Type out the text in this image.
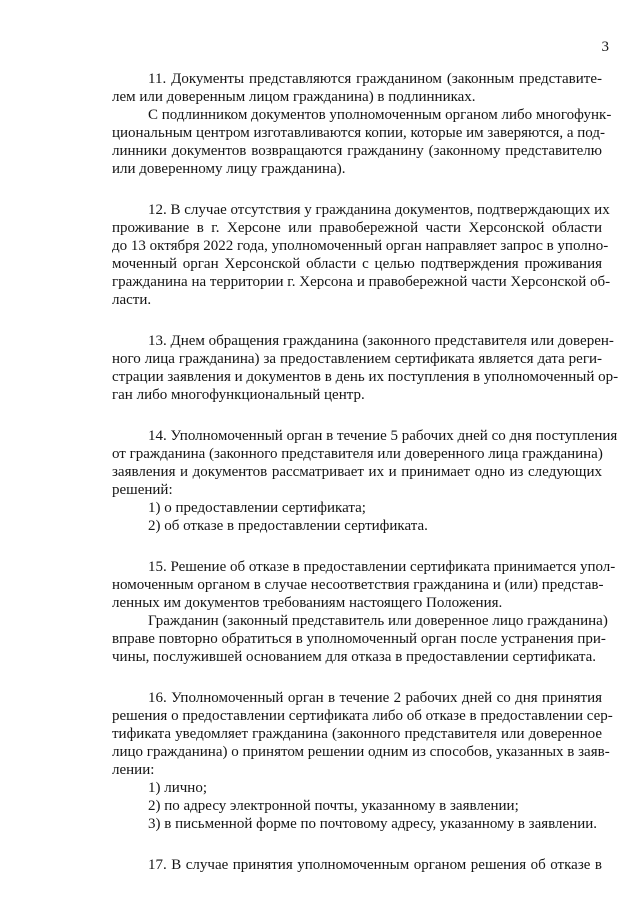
3
11. Документы представляются гражданином (законным представите-
лем или доверенным лицом гражданина) в подлинниках.
С подлинником документов уполномоченным органом либо многофунк-
циональным центром изготавливаются копии, которые им заверяются, а под-
линники документов возвращаются гражданину (законному представителю
или доверенному лицу гражданина).
12. В случае отсутствия у гражданина документов, подтверждающих их
проживание в г. Херсоне или правобережной части Херсонской области
до 13 октября 2022 года, уполномоченный орган направляет запрос в уполно-
моченный орган Херсонской области с целью подтверждения проживания
гражданина на территории г. Херсона и правобережной части Херсонской об-
ласти.
13. Днем обращения гражданина (законного представителя или доверен-
ного лица гражданина) за предоставлением сертификата является дата реги-
страции заявления и документов в день их поступления в уполномоченный ор-
ган либо многофункциональный центр.
14. Уполномоченный орган в течение 5 рабочих дней со дня поступления
от гражданина (законного представителя или доверенного лица гражданина)
заявления и документов рассматривает их и принимает одно из следующих
решений:
1) о предоставлении сертификата;
2) об отказе в предоставлении сертификата.
15. Решение об отказе в предоставлении сертификата принимается упол-
номоченным органом в случае несоответствия гражданина и (или) представ-
ленных им документов требованиям настоящего Положения.
Гражданин (законный представитель или доверенное лицо гражданина)
вправе повторно обратиться в уполномоченный орган после устранения при-
чины, послужившей основанием для отказа в предоставлении сертификата.
16. Уполномоченный орган в течение 2 рабочих дней со дня принятия
решения о предоставлении сертификата либо об отказе в предоставлении сер-
тификата уведомляет гражданина (законного представителя или доверенное
лицо гражданина) о принятом решении одним из способов, указанных в заяв-
лении:
1) лично;
2) по адресу электронной почты, указанному в заявлении;
3) в письменной форме по почтовому адресу, указанному в заявлении.
17. В случае принятия уполномоченным органом решения об отказе в
